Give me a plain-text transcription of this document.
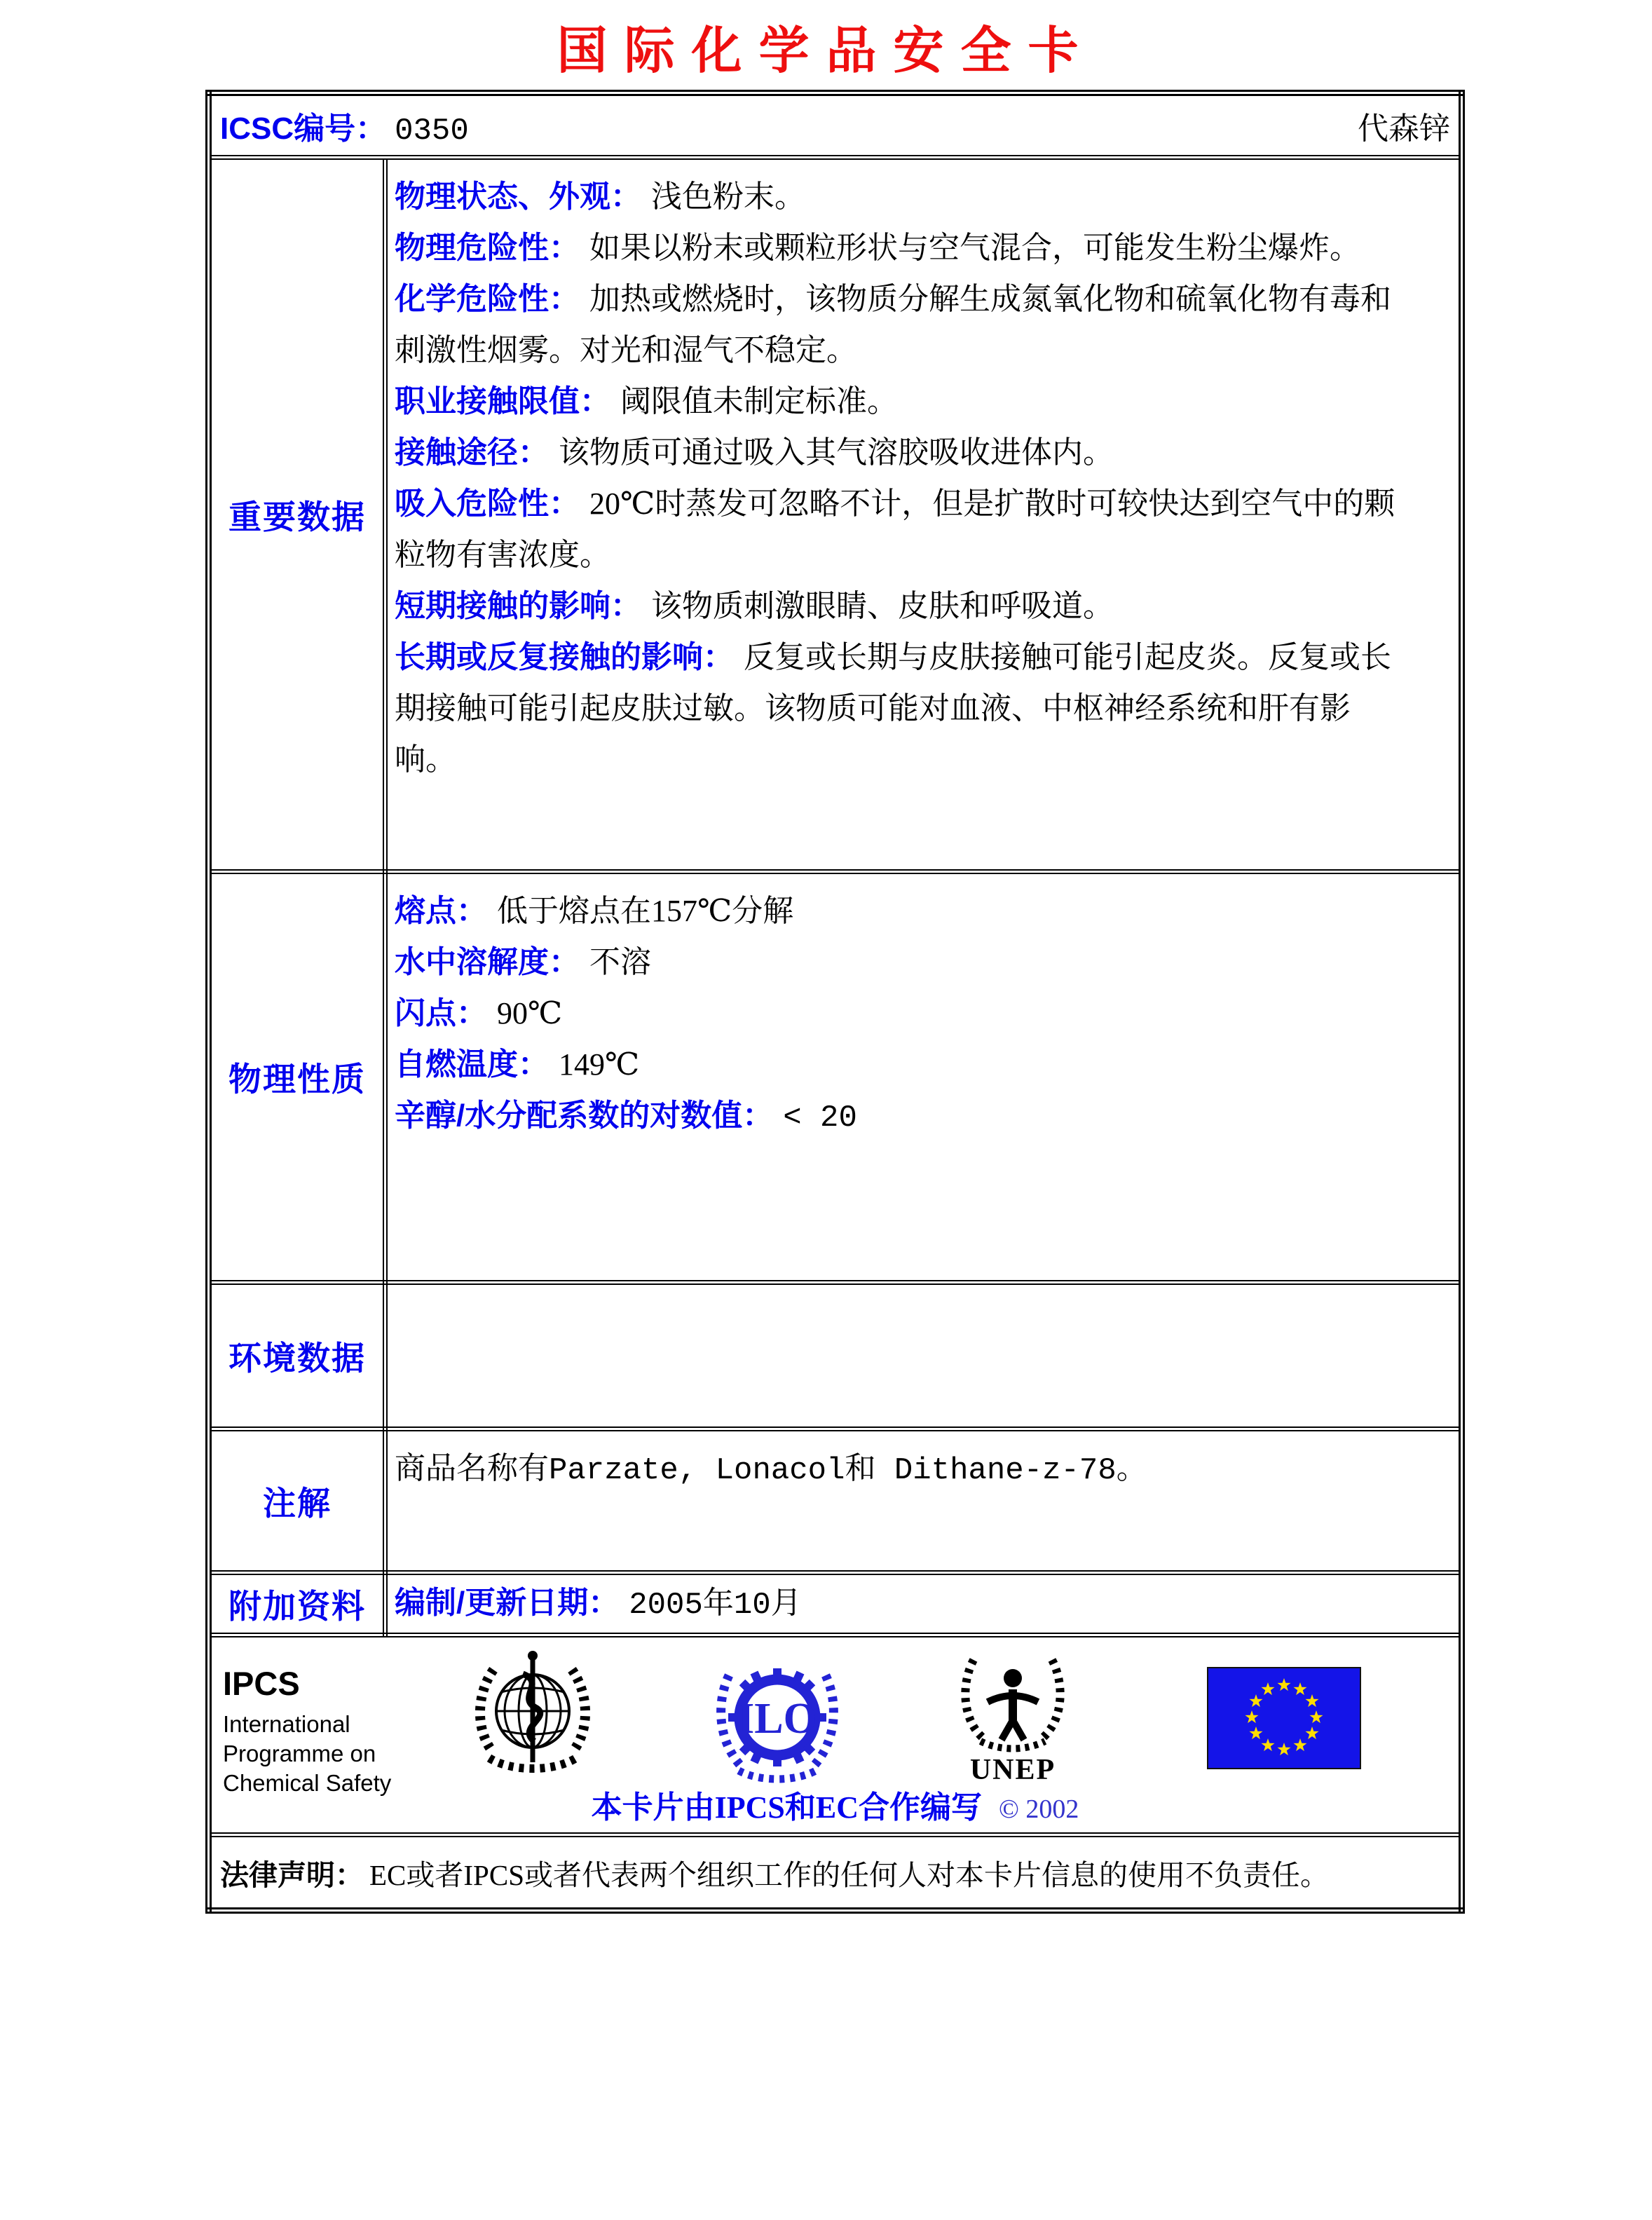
国际化学品安全卡
ICSC编号： 0350 代森锌	

重要数据	
物理状态、外观： 浅色粉末。
物理危险性： 如果以粉末或颗粒形状与空气混合，可能发生粉尘爆炸。
化学危险性： 加热或燃烧时，该物质分解生成氮氧化物和硫氧化物有毒和刺激性烟雾。对光和湿气不稳定。
职业接触限值： 阈限值未制定标准。
接触途径： 该物质可通过吸入其气溶胶吸收进体内。
吸入危险性： 20℃时蒸发可忽略不计，但是扩散时可较快达到空气中的颗粒物有害浓度。
短期接触的影响： 该物质刺激眼睛、皮肤和呼吸道。
长期或反复接触的影响： 反复或长期与皮肤接触可能引起皮炎。反复或长期接触可能引起皮肤过敏。该物质可能对血液、中枢神经系统和肝有影响。

物理性质	熔点： 低于熔点在157℃分解
水中溶解度： 不溶
闪点： 90℃
自燃温度： 149℃
辛醇/水分配系数的对数值： < 20

环境数据	
注解	商品名称有Parzate, Lonacol和 Dithane-z-78。

附加资料	编制/更新日期： 2005年10月

IPCS
International
Programme on
Chemical Safety
ILO
UNEP
本卡片由IPCS和EC合作编写 © 2002

法律声明： EC或者IPCS或者代表两个组织工作的任何人对本卡片信息的使用不负责任。	
